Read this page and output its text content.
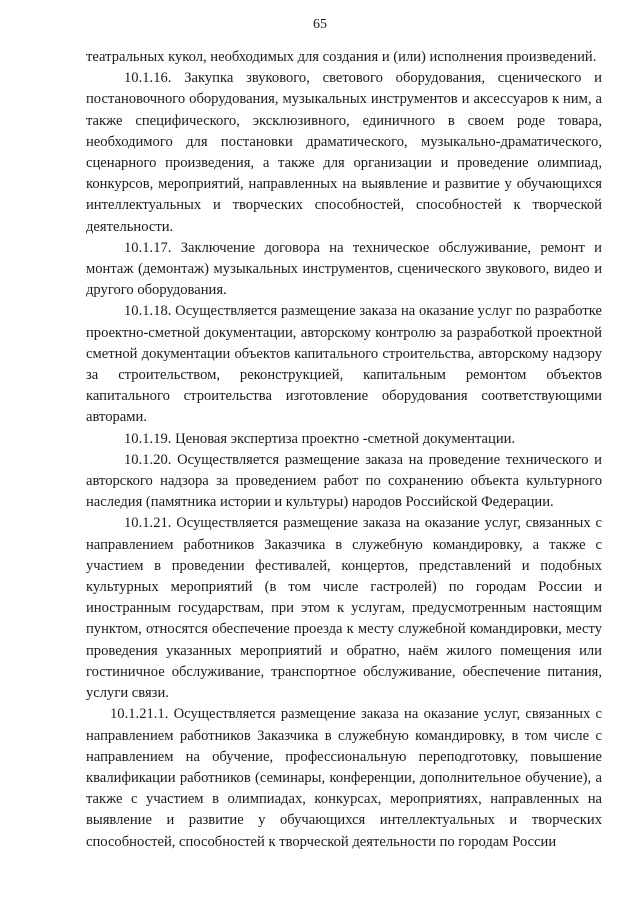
65

театральных кукол, необходимых для создания и (или) исполнения произведений.

10.1.16. Закупка звукового, светового оборудования, сценического и постановочного оборудования, музыкальных инструментов и аксессуаров к ним, а также специфического, эксклюзивного, единичного в своем роде товара, необходимого для постановки драматического, музыкально-драматического, сценарного произведения, а также для организации и проведение олимпиад, конкурсов, мероприятий, направленных на выявление и развитие у обучающихся интеллектуальных и творческих способностей, способностей к творческой деятельности.

10.1.17. Заключение договора на техническое обслуживание, ремонт и монтаж (демонтаж) музыкальных инструментов, сценического звукового, видео и другого оборудования.

10.1.18. Осуществляется размещение заказа на оказание услуг по разработке проектно-сметной документации, авторскому контролю за разработкой проектной сметной документации объектов капитального строительства, авторскому надзору за строительством, реконструкцией, капитальным ремонтом объектов капитального строительства изготовление оборудования соответствующими авторами.

10.1.19. Ценовая экспертиза проектно -сметной документации.

10.1.20. Осуществляется размещение заказа на проведение технического и авторского надзора за проведением работ по сохранению объекта культурного наследия (памятника истории и культуры) народов Российской Федерации.

10.1.21. Осуществляется размещение заказа на оказание услуг, связанных с направлением работников Заказчика в служебную командировку, а также с участием в проведении фестивалей, концертов, представлений и подобных культурных мероприятий (в том числе гастролей) по городам России и иностранным государствам, при этом к услугам, предусмотренным настоящим пунктом, относятся обеспечение проезда к месту служебной командировки, месту проведения указанных мероприятий и обратно, наём жилого помещения или гостиничное обслуживание, транспортное обслуживание, обеспечение питания, услуги связи.

10.1.21.1. Осуществляется размещение заказа на оказание услуг, связанных с направлением работников Заказчика в служебную командировку, в том числе с направлением на обучение, профессиональную переподготовку, повышение квалификации работников (семинары, конференции, дополнительное обучение), а также с участием в олимпиадах, конкурсах, мероприятиях, направленных на выявление и развитие у обучающихся интеллектуальных и творческих способностей, способностей к творческой деятельности по городам России
